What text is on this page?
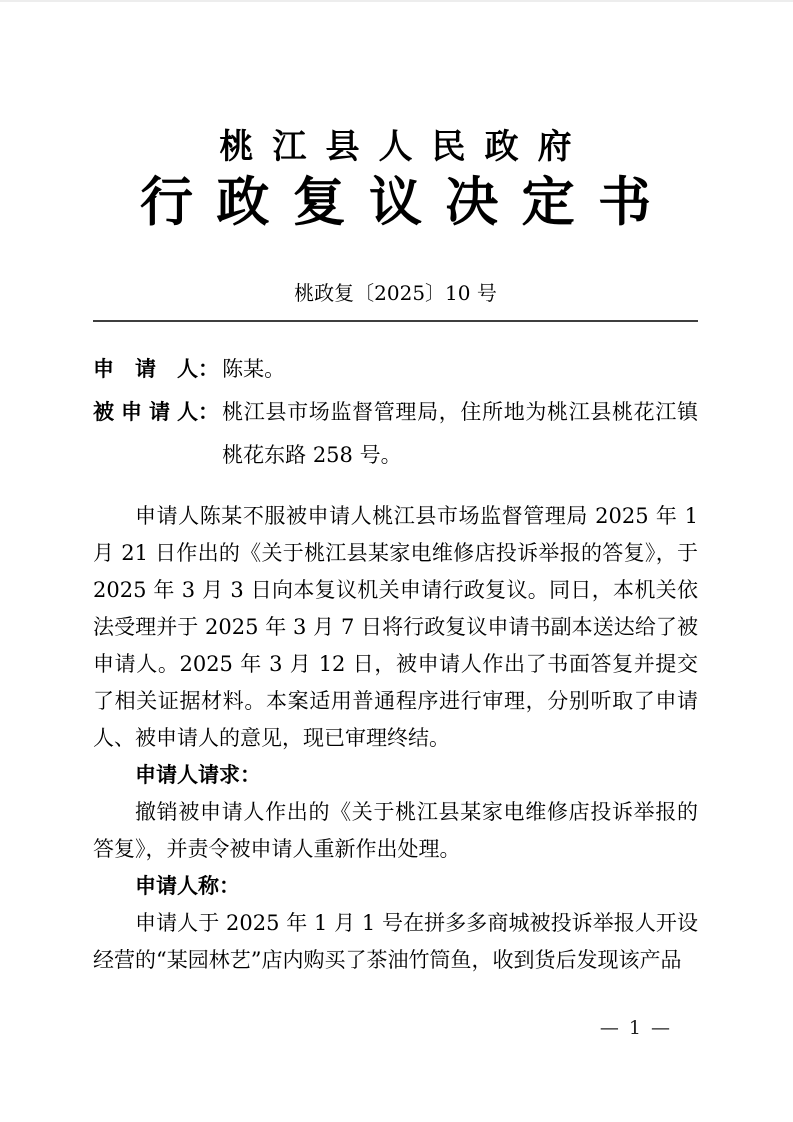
桃江县人民政府
行政复议决定书
桃政复〔2025〕10 号
申请人 ： 陈某。
被申请人 ： 桃江县市场监督管理局，住所地为桃江县桃花江镇桃花东路 258 号。

申请人陈某不服被申请人桃江县市场监督管理局 2025 年 1 月 21 日作出的《关于桃江县某家电维修店投诉举报的答复》，于 2025 年 3 月 3 日向本复议机关申请行政复议。同日，本机关依法受理并于 2025 年 3 月 7 日将行政复议申请书副本送达给了被申请人。2025 年 3 月 12 日，被申请人作出了书面答复并提交了相关证据材料。本案适用普通程序进行审理，分别听取了申请人、被申请人的意见，现已审理终结。

申请人请求：

撤销被申请人作出的《关于桃江县某家电维修店投诉举报的答复》，并责令被申请人重新作出处理。

申请人称：

申请人于 2025 年 1 月 1 号在拼多多商城被投诉举报人开设经营的“某园林艺”店内购买了茶油竹筒鱼，收到货后发现该产品

— 1 —
